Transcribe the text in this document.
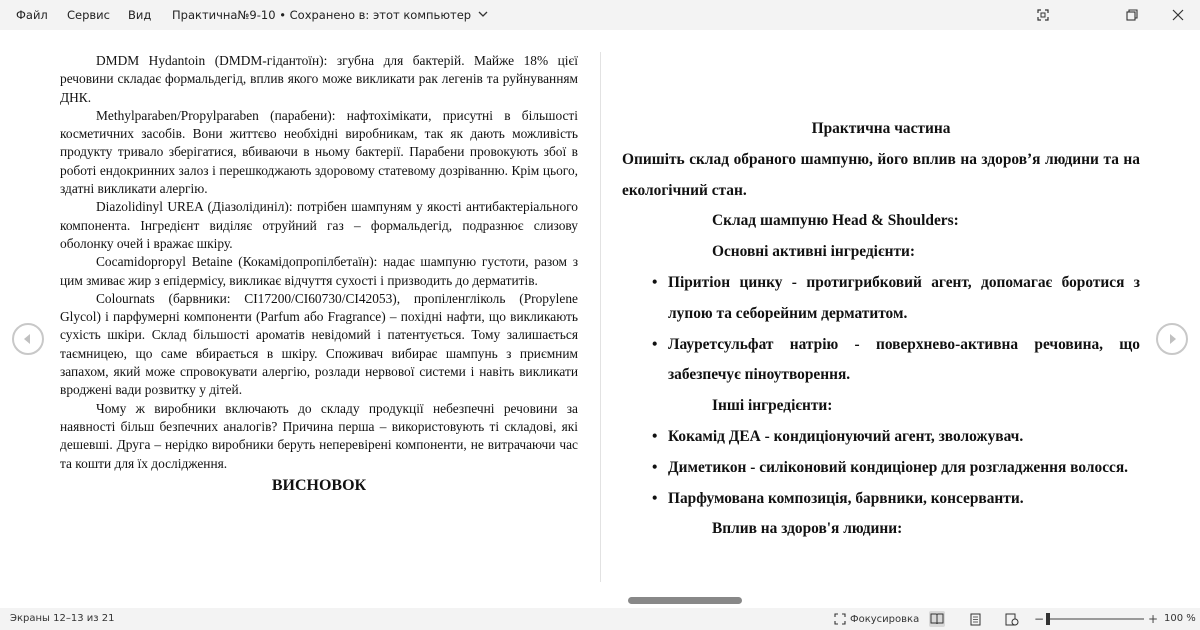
Файл Сервис Вид Практична№9-10 • Сохранено в: этот компьютер

DMDM Hydantoin (DMDM-гідантоїн): згубна для бактерій. Майже 18% цієї речовини складає формальдегід, вплив якого може викликати рак легенів та руйнуванням ДНК.

Methylparaben/Propylparaben (парабени): нафтохімікати, присутні в більшості косметичних засобів. Вони життєво необхідні виробникам, так як дають можливість продукту тривало зберігатися, вбиваючи в ньому бактерії. Парабени провокують збої в роботі ендокринних залоз і перешкоджають здоровому статевому дозріванню. Крім цього, здатні викликати алергію.

Diazolidinyl UREA (Діазолідиніл): потрібен шампуням у якості антибактеріального компонента. Інгредієнт виділяє отруйний газ – формальдегід, подразнює слизову оболонку очей і вражає шкіру.

Cocamidopropyl Betaine (Кокамідопропілбетаїн): надає шампуню густоти, разом з цим змиває жир з епідермісу, викликає відчуття сухості і призводить до дерматитів.

Colournats (барвники: CI17200/CI60730/CI42053), пропіленгліколь (Propylene Glycol) і парфумерні компоненти (Parfum або Fragrance) – похідні нафти, що викликають сухість шкіри. Склад більшості ароматів невідомий і патентується. Тому залишається таємницею, що саме вбирається в шкіру. Споживач вибирає шампунь з приємним запахом, який може спровокувати алергію, розлади нервової системи і навіть викликати вроджені вади розвитку у дітей.

Чому ж виробники включають до складу продукції небезпечні речовини за наявності більш безпечних аналогів? Причина перша – використовують ті складові, які дешевші. Друга – нерідко виробники беруть неперевірені компоненти, не витрачаючи час та кошти для їх дослідження.

ВИСНОВОК
Практична частина
Опишіть склад обраного шампуню, його вплив на здоров’я людини та на екологічний стан.
Склад шампуню Head & Shoulders:
Основні активні інгредієнти:
• Піритіон цинку - протигрибковий агент, допомагає боротися з лупою та себорейним дерматитом.
• Лауретсульфат натрію - поверхнево-активна речовина, що забезпечує піноутворення.
Інші інгредієнти:
• Кокамід ДЕА - кондиціонуючий агент, зволожувач.
• Диметикон - силіконовий кондиціонер для розгладження волосся.
• Парфумована композиція, барвники, консерванти.
Вплив на здоров'я людини:
Экраны 12–13 из 21	Фокусировка	−	+ 100 %
